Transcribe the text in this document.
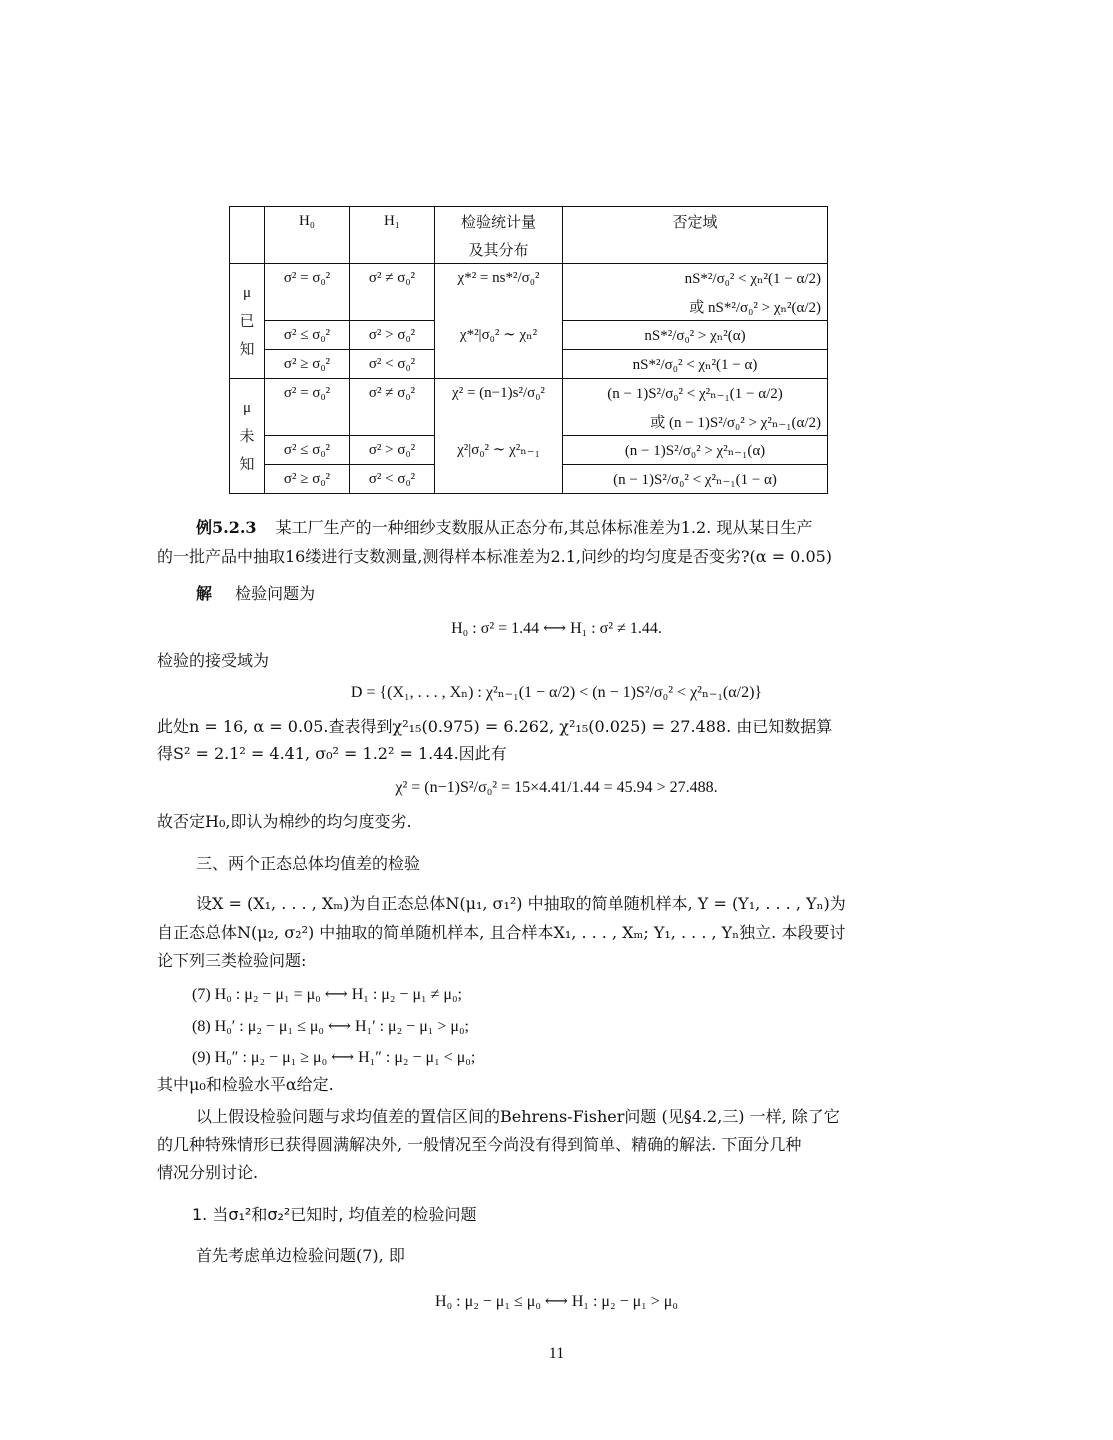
	H₀	H₁	检验统计量	否定域
			及其分布	

μ
已
知	σ² = σ₀²	σ² ≠ σ₀²	χ*² = ns*²/σ₀²	nS*²/σ₀² < χₙ²(1 − α/2)
				或 nS*²/σ₀² > χₙ²(α/2)
	σ² ≤ σ₀²	σ² > σ₀²	χ*²|σ₀² ∼ χₙ²	nS*²/σ₀² > χₙ²(α)
	σ² ≥ σ₀²	σ² < σ₀²		nS*²/σ₀² < χₙ²(1 − α)

μ
未
知	σ² = σ₀²	σ² ≠ σ₀²	χ² = (n−1)s²/σ₀²	(n − 1)S²/σ₀² < χ²ₙ₋₁(1 − α/2)
				或 (n − 1)S²/σ₀² > χ²ₙ₋₁(α/2)
	σ² ≤ σ₀²	σ² > σ₀²	χ²|σ₀² ∼ χ²ₙ₋₁	(n − 1)S²/σ₀² > χ²ₙ₋₁(α)
	σ² ≥ σ₀²	σ² < σ₀²		(n − 1)S²/σ₀² < χ²ₙ₋₁(1 − α)
例5.2.3 某工厂生产的一种细纱支数服从正态分布,其总体标准差为1.2. 现从某日生产
的一批产品中抽取16缕进行支数测量,测得样本标准差为2.1,问纱的均匀度是否变劣?(α = 0.05)
解 检验问题为
H₀ : σ² = 1.44 ⟷ H₁ : σ² ≠ 1.44.
检验的接受域为
D = {(X₁, . . . , Xₙ) : χ²ₙ₋₁(1 − α/2) < (n − 1)S²/σ₀² < χ²ₙ₋₁(α/2)}
此处n = 16, α = 0.05.查表得到χ²₁₅(0.975) = 6.262, χ²₁₅(0.025) = 27.488. 由已知数据算
得S² = 2.1² = 4.41, σ₀² = 1.2² = 1.44.因此有
χ² = (n−1)S²/σ₀² = 15×4.41/1.44 = 45.94 > 27.488.
故否定H₀,即认为棉纱的均匀度变劣.
三、两个正态总体均值差的检验
设X = (X₁, . . . , Xₘ)为自正态总体N(μ₁, σ₁²) 中抽取的简单随机样本, Y = (Y₁, . . . , Yₙ)为
自正态总体N(μ₂, σ₂²) 中抽取的简单随机样本, 且合样本X₁, . . . , Xₘ; Y₁, . . . , Yₙ独立. 本段要讨
论下列三类检验问题:
(7) H₀ : μ₂ − μ₁ = μ₀ ⟷ H₁ : μ₂ − μ₁ ≠ μ₀;
(8) H₀′ : μ₂ − μ₁ ≤ μ₀ ⟷ H₁′ : μ₂ − μ₁ > μ₀;
(9) H₀″ : μ₂ − μ₁ ≥ μ₀ ⟷ H₁″ : μ₂ − μ₁ < μ₀;
其中μ₀和检验水平α给定.
以上假设检验问题与求均值差的置信区间的Behrens-Fisher问题 (见§4.2,三) 一样, 除了它
的几种特殊情形已获得圆满解决外, 一般情况至今尚没有得到简单、精确的解法. 下面分几种
情况分别讨论.
1. 当σ₁²和σ₂²已知时, 均值差的检验问题
首先考虑单边检验问题(7), 即
H₀ : μ₂ − μ₁ ≤ μ₀ ⟷ H₁ : μ₂ − μ₁ > μ₀
11
